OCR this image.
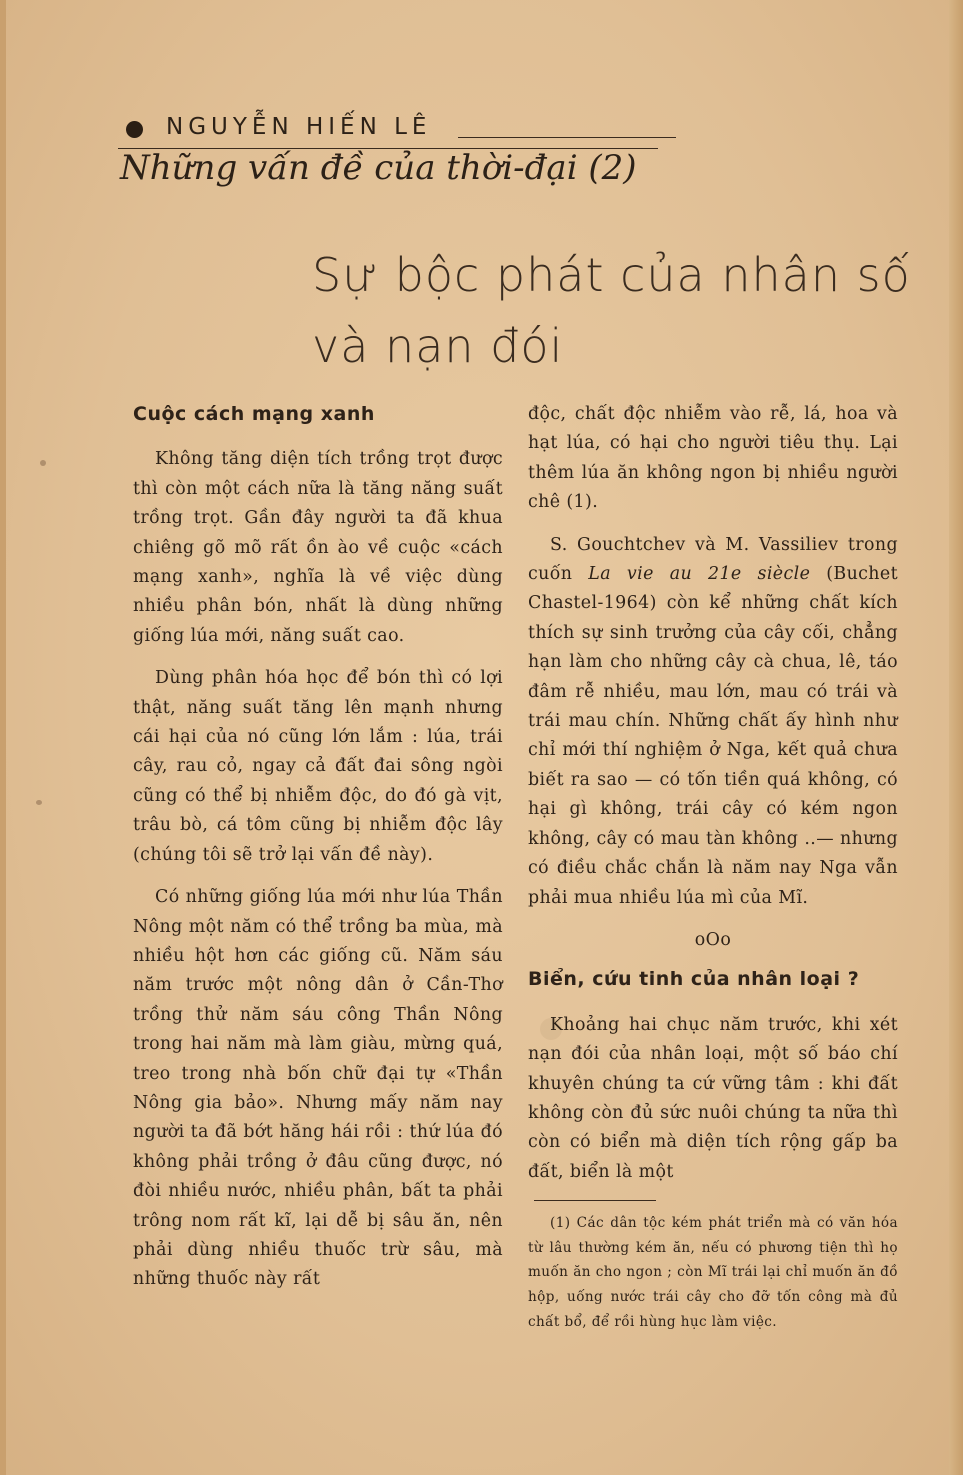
NGUYỄN HIẾN LÊ
Những vấn đề của thời-đại (2)
Sự bộc phát của nhân số
và nạn đói
Cuộc cách mạng xanh

Không tăng diện tích trồng trọt được thì còn một cách nữa là tăng năng suất trồng trọt. Gần đây người ta đã khua chiêng gõ mõ rất ồn ào về cuộc «cách mạng xanh», nghĩa là về việc dùng nhiều phân bón, nhất là dùng những giống lúa mới, năng suất cao.

Dùng phân hóa học để bón thì có lợi thật, năng suất tăng lên mạnh nhưng cái hại của nó cũng lớn lắm : lúa, trái cây, rau cỏ, ngay cả đất đai sông ngòi cũng có thể bị nhiễm độc, do đó gà vịt, trâu bò, cá tôm cũng bị nhiễm độc lây (chúng tôi sẽ trở lại vấn đề này).

Có những giống lúa mới như lúa Thần Nông một năm có thể trồng ba mùa, mà nhiều hột hơn các giống cũ. Năm sáu năm trước một nông dân ở Cần-Thơ trồng thử năm sáu công Thần Nông trong hai năm mà làm giàu, mừng quá, treo trong nhà bốn chữ đại tự «Thần Nông gia bảo». Nhưng mấy năm nay người ta đã bớt hăng hái rồi : thứ lúa đó không phải trồng ở đâu cũng được, nó đòi nhiều nước, nhiều phân, bất ta phải trông nom rất kĩ, lại dễ bị sâu ăn, nên phải dùng nhiều thuốc trừ sâu, mà những thuốc này rất

độc, chất độc nhiễm vào rễ, lá, hoa và hạt lúa, có hại cho người tiêu thụ. Lại thêm lúa ăn không ngon bị nhiều người chê (1).

S. Gouchtchev và M. Vassiliev trong cuốn La vie au 21e siècle (Buchet Chastel-1964) còn kể những chất kích thích sự sinh trưởng của cây cối, chẳng hạn làm cho những cây cà chua, lê, táo đâm rễ nhiều, mau lớn, mau có trái và trái mau chín. Những chất ấy hình như chỉ mới thí nghiệm ở Nga, kết quả chưa biết ra sao — có tốn tiền quá không, có hại gì không, trái cây có kém ngon không, cây có mau tàn không ..— nhưng có điều chắc chắn là năm nay Nga vẫn phải mua nhiều lúa mì của Mĩ.

oOo

Biển, cứu tinh của nhân loại ?

Khoảng hai chục năm trước, khi xét nạn đói của nhân loại, một số báo chí khuyên chúng ta cứ vững tâm : khi đất không còn đủ sức nuôi chúng ta nữa thì còn có biển mà diện tích rộng gấp ba đất, biển là một

(1) Các dân tộc kém phát triển mà có văn hóa từ lâu thường kém ăn, nếu có phương tiện thì họ muốn ăn cho ngon ; còn Mĩ trái lại chỉ muốn ăn đồ hộp, uống nước trái cây cho đỡ tốn công mà đủ chất bổ, để rồi hùng hục làm việc.
